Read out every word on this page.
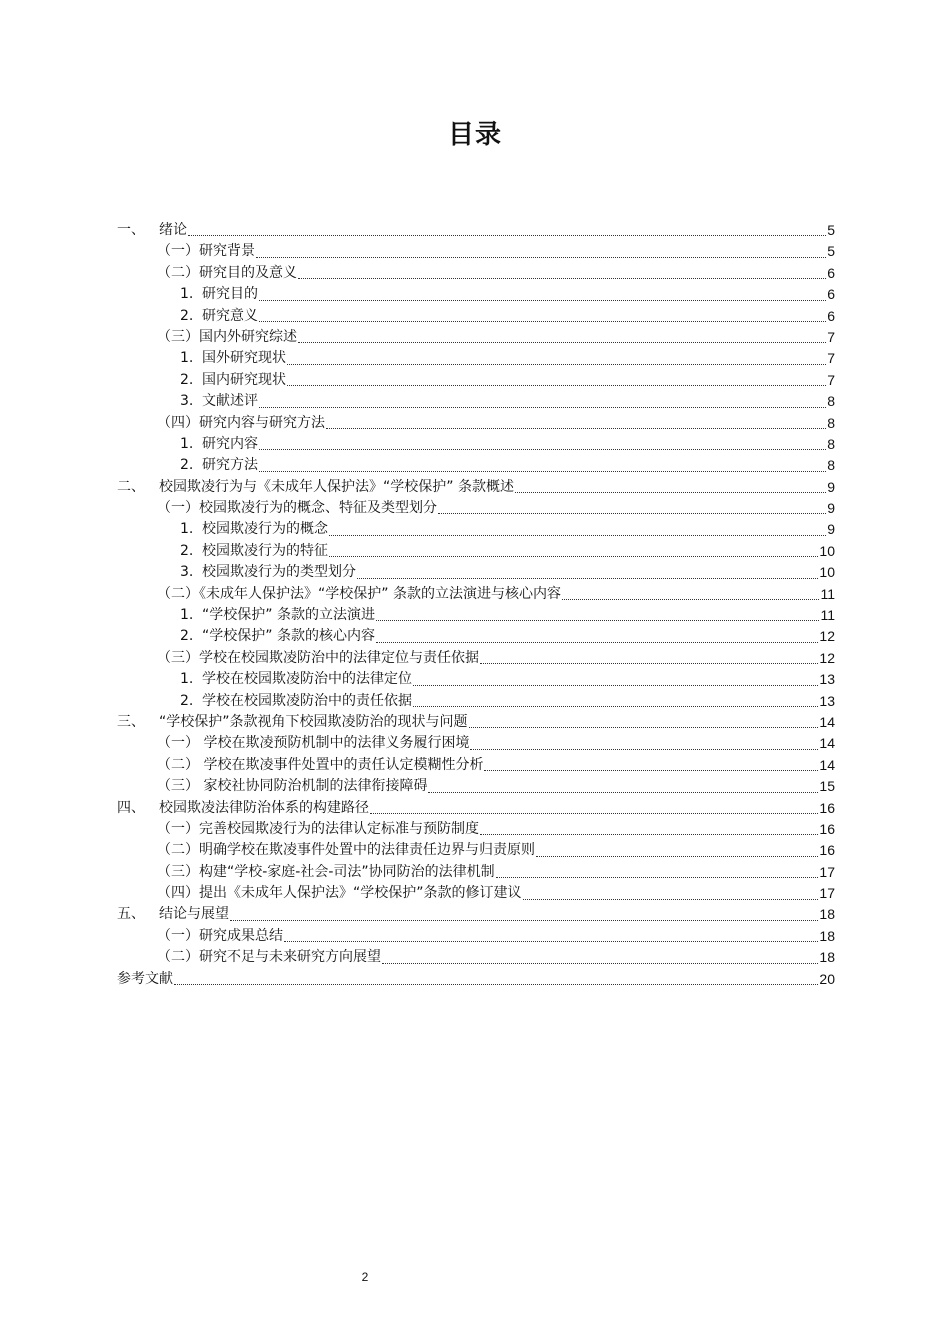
目录
一、	绪论	5
（一）研究背景	5
（二）研究目的及意义	6
1. 研究目的	6
2. 研究意义	6
（三）国内外研究综述	7
1. 国外研究现状	7
2. 国内研究现状	7
3. 文献述评	8
（四）研究内容与研究方法	8
1. 研究内容	8
2. 研究方法	8
二、	校园欺凌行为与《未成年人保护法》“学校保护” 条款概述	9
（一）校园欺凌行为的概念、特征及类型划分	9
1. 校园欺凌行为的概念	9
2. 校园欺凌行为的特征	10
3. 校园欺凌行为的类型划分	10
（二）《未成年人保护法》“学校保护” 条款的立法演进与核心内容	11
1. “学校保护” 条款的立法演进	11
2. “学校保护” 条款的核心内容	12
（三）学校在校园欺凌防治中的法律定位与责任依据	12
1. 学校在校园欺凌防治中的法律定位	13
2. 学校在校园欺凌防治中的责任依据	13
三、	“学校保护”条款视角下校园欺凌防治的现状与问题	14
（一） 学校在欺凌预防机制中的法律义务履行困境	14
（二） 学校在欺凌事件处置中的责任认定模糊性分析	14
（三） 家校社协同防治机制的法律衔接障碍	15
四、	校园欺凌法律防治体系的构建路径	16
（一）完善校园欺凌行为的法律认定标准与预防制度	16
（二）明确学校在欺凌事件处置中的法律责任边界与归责原则	16
（三）构建“学校-家庭-社会-司法”协同防治的法律机制	17
（四）提出《未成年人保护法》“学校保护”条款的修订建议	17
五、	结论与展望	18
（一）研究成果总结	18
（二）研究不足与未来研究方向展望	18
参考文献	20
2
